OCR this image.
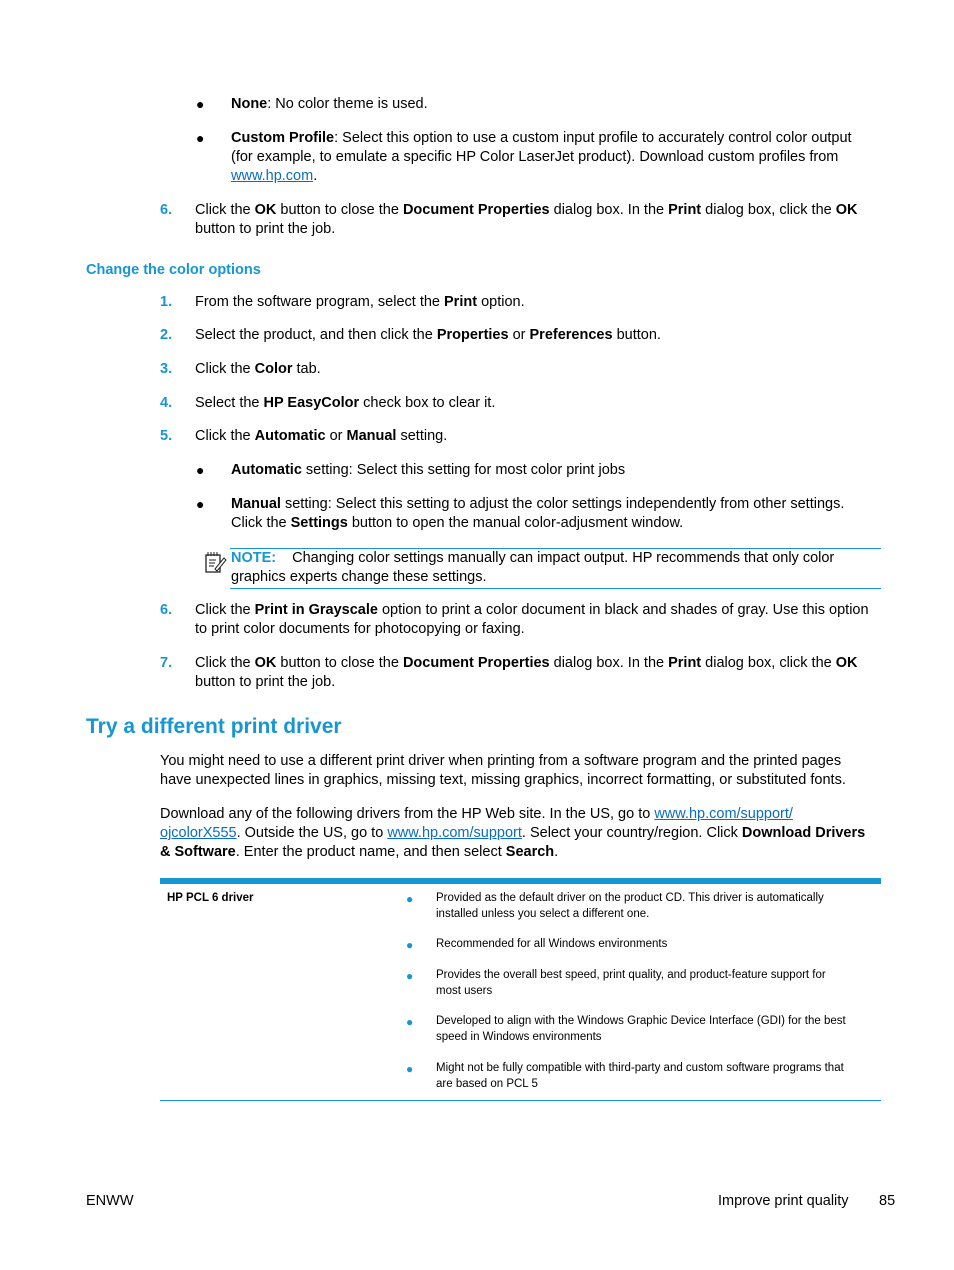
● None: No color theme is used.
● Custom Profile: Select this option to use a custom input profile to accurately control color output
(for example, to emulate a specific HP Color LaserJet product). Download custom profiles from
www.hp.com.
6. Click the OK button to close the Document Properties dialog box. In the Print dialog box, click the OK
button to print the job.
Change the color options
1. From the software program, select the Print option.
2. Select the product, and then click the Properties or Preferences button.
3. Click the Color tab.
4. Select the HP EasyColor check box to clear it.
5. Click the Automatic or Manual setting.
● Automatic setting: Select this setting for most color print jobs
● Manual setting: Select this setting to adjust the color settings independently from other settings.
Click the Settings button to open the manual color-adjusment window.
NOTE: Changing color settings manually can impact output. HP recommends that only color
graphics experts change these settings.
6. Click the Print in Grayscale option to print a color document in black and shades of gray. Use this option
to print color documents for photocopying or faxing.
7. Click the OK button to close the Document Properties dialog box. In the Print dialog box, click the OK
button to print the job.
Try a different print driver
You might need to use a different print driver when printing from a software program and the printed pages
have unexpected lines in graphics, missing text, missing graphics, incorrect formatting, or substituted fonts.
Download any of the following drivers from the HP Web site. In the US, go to www.hp.com/support/
ojcolorX555. Outside the US, go to www.hp.com/support. Select your country/region. Click Download Drivers
& Software. Enter the product name, and then select Search.
HP PCL 6 driver	● Provided as the default driver on the product CD. This driver is automatically
installed unless you select a different one.
● Recommended for all Windows environments
● Provides the overall best speed, print quality, and product-feature support for
most users
● Developed to align with the Windows Graphic Device Interface (GDI) for the best
speed in Windows environments
● Might not be fully compatible with third-party and custom software programs that
are based on PCL 5
ENWW	Improve print quality 85
